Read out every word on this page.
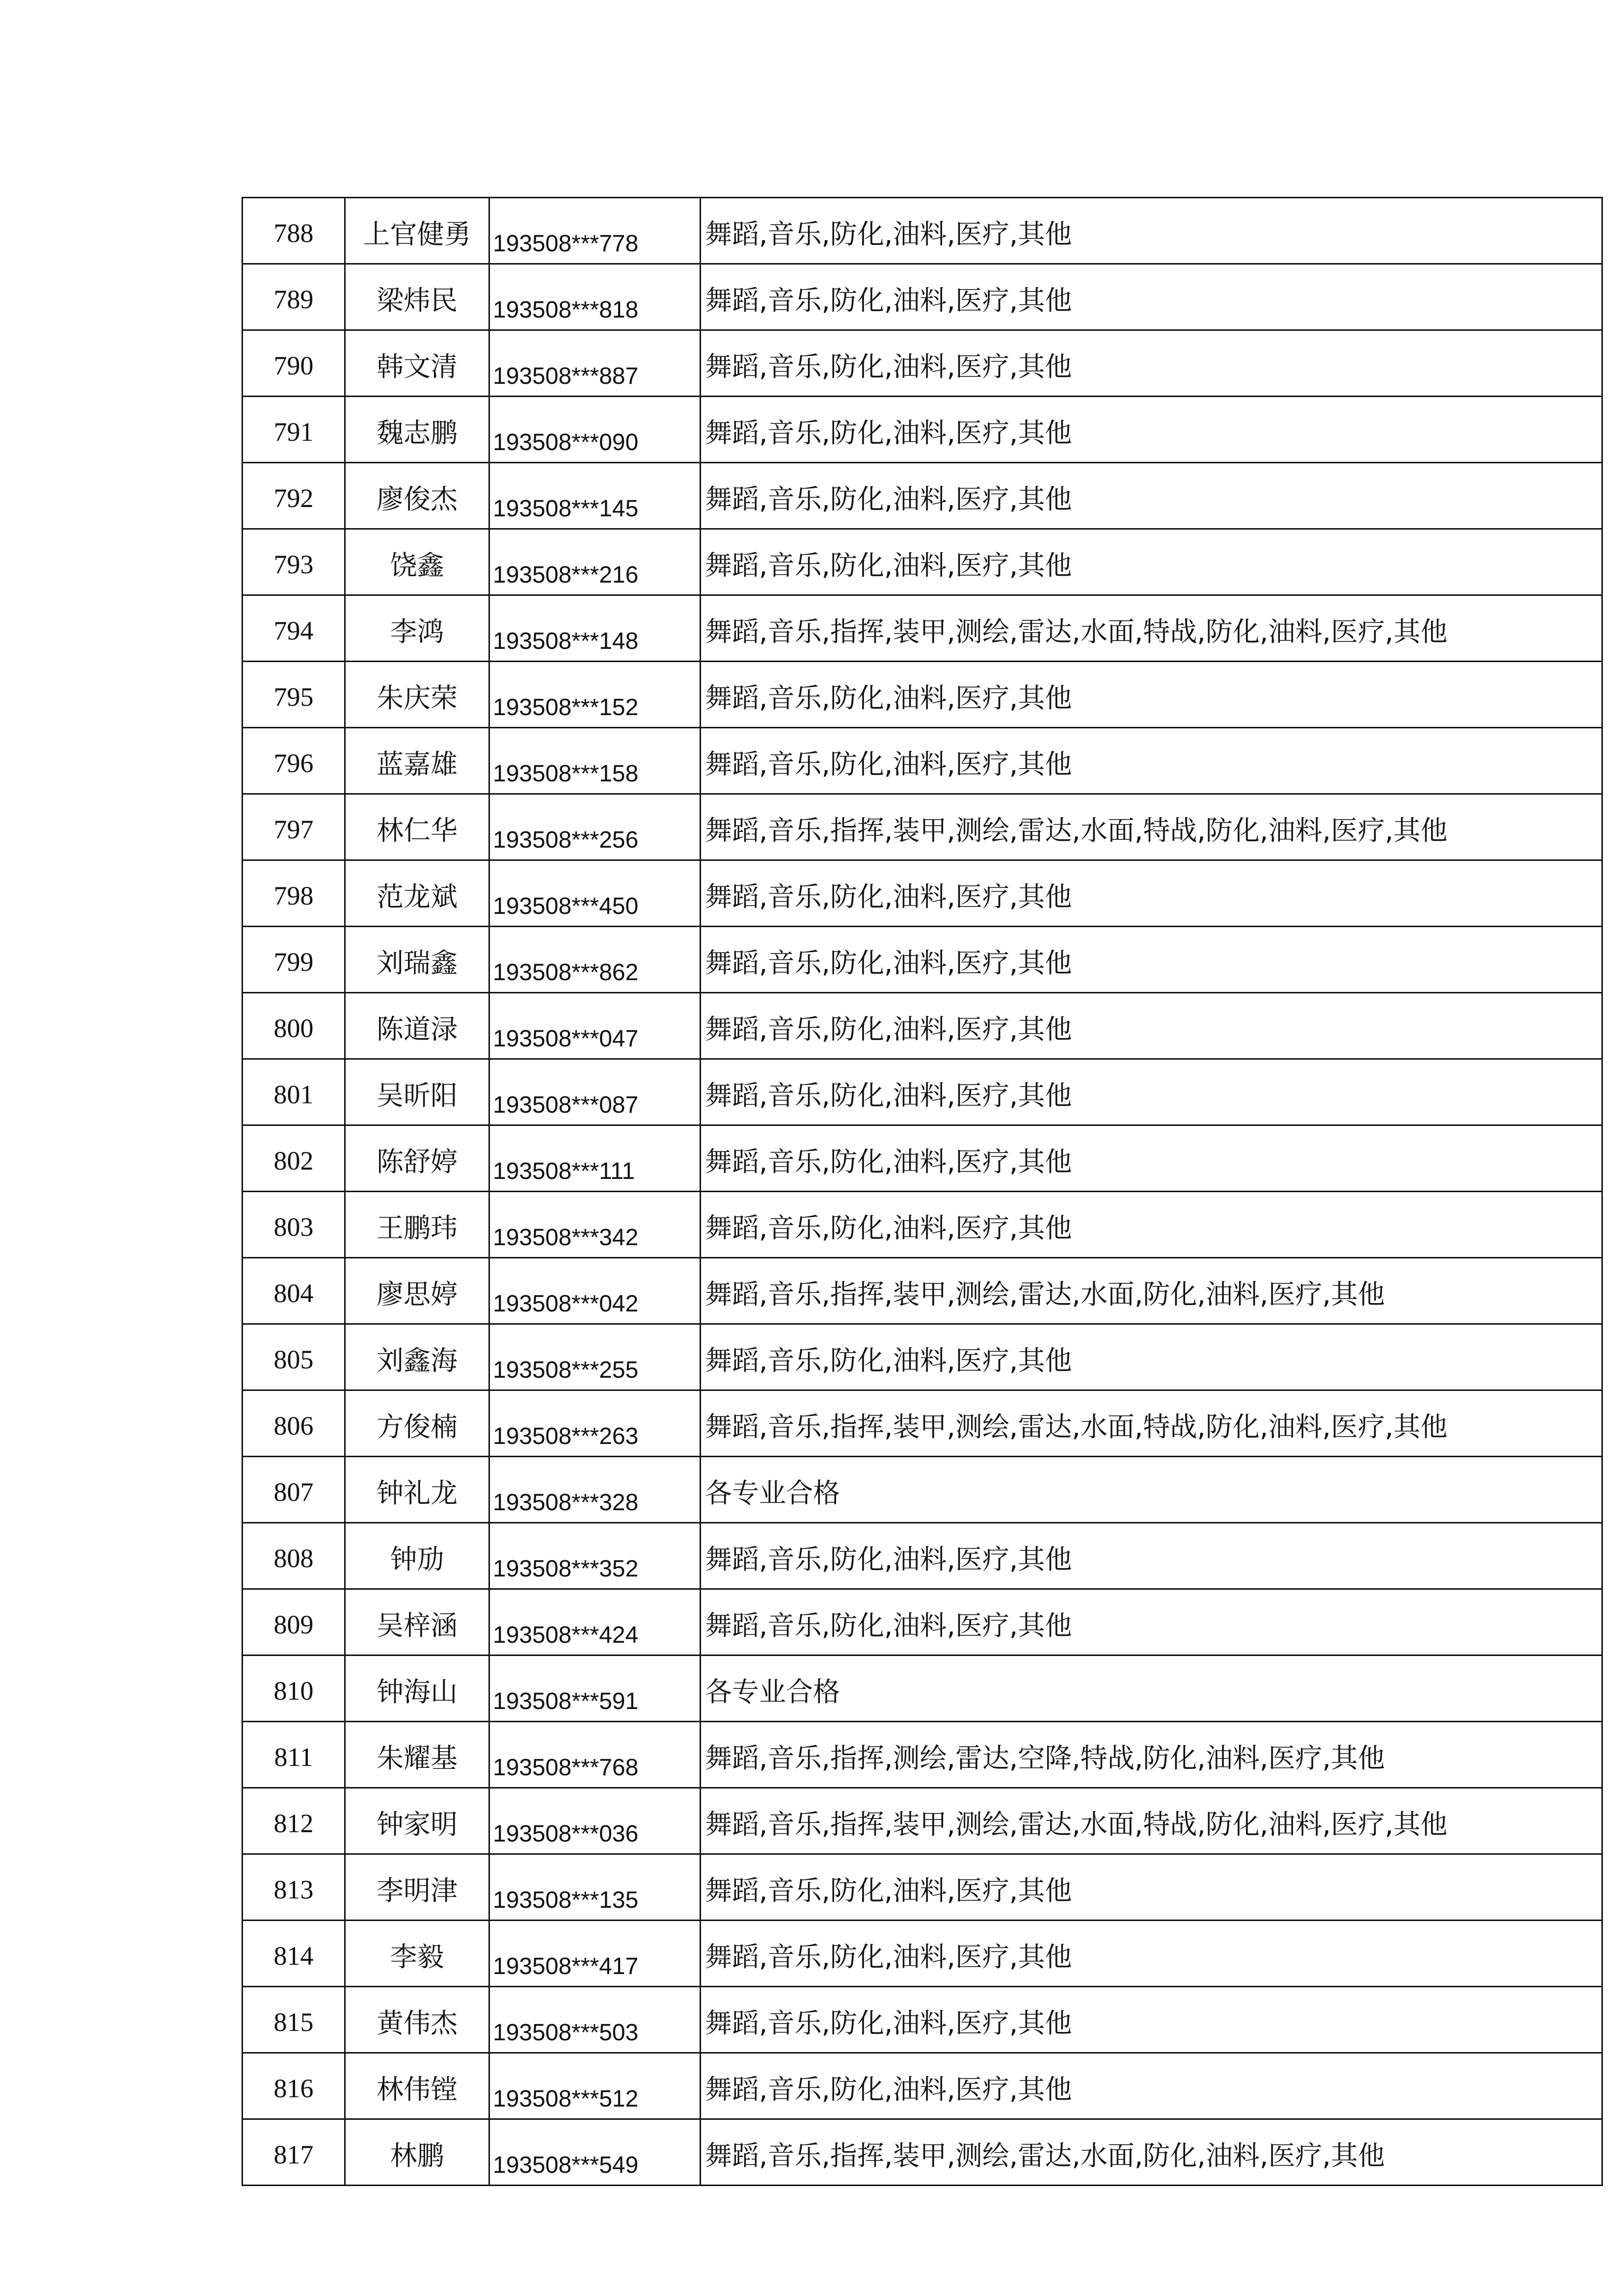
788	上官健勇	193508***778	舞蹈,音乐,防化,油料,医疗,其他
789	梁炜民	193508***818	舞蹈,音乐,防化,油料,医疗,其他
790	韩文清	193508***887	舞蹈,音乐,防化,油料,医疗,其他
791	魏志鹏	193508***090	舞蹈,音乐,防化,油料,医疗,其他
792	廖俊杰	193508***145	舞蹈,音乐,防化,油料,医疗,其他
793	饶鑫	193508***216	舞蹈,音乐,防化,油料,医疗,其他
794	李鸿	193508***148	舞蹈,音乐,指挥,装甲,测绘,雷达,水面,特战,防化,油料,医疗,其他
795	朱庆荣	193508***152	舞蹈,音乐,防化,油料,医疗,其他
796	蓝嘉雄	193508***158	舞蹈,音乐,防化,油料,医疗,其他
797	林仁华	193508***256	舞蹈,音乐,指挥,装甲,测绘,雷达,水面,特战,防化,油料,医疗,其他
798	范龙斌	193508***450	舞蹈,音乐,防化,油料,医疗,其他
799	刘瑞鑫	193508***862	舞蹈,音乐,防化,油料,医疗,其他
800	陈道渌	193508***047	舞蹈,音乐,防化,油料,医疗,其他
801	吴昕阳	193508***087	舞蹈,音乐,防化,油料,医疗,其他
802	陈舒婷	193508***111	舞蹈,音乐,防化,油料,医疗,其他
803	王鹏玮	193508***342	舞蹈,音乐,防化,油料,医疗,其他
804	廖思婷	193508***042	舞蹈,音乐,指挥,装甲,测绘,雷达,水面,防化,油料,医疗,其他
805	刘鑫海	193508***255	舞蹈,音乐,防化,油料,医疗,其他
806	方俊楠	193508***263	舞蹈,音乐,指挥,装甲,测绘,雷达,水面,特战,防化,油料,医疗,其他
807	钟礼龙	193508***328	各专业合格
808	钟劢	193508***352	舞蹈,音乐,防化,油料,医疗,其他
809	吴梓涵	193508***424	舞蹈,音乐,防化,油料,医疗,其他
810	钟海山	193508***591	各专业合格
811	朱耀基	193508***768	舞蹈,音乐,指挥,测绘,雷达,空降,特战,防化,油料,医疗,其他
812	钟家明	193508***036	舞蹈,音乐,指挥,装甲,测绘,雷达,水面,特战,防化,油料,医疗,其他
813	李明津	193508***135	舞蹈,音乐,防化,油料,医疗,其他
814	李毅	193508***417	舞蹈,音乐,防化,油料,医疗,其他
815	黄伟杰	193508***503	舞蹈,音乐,防化,油料,医疗,其他
816	林伟镗	193508***512	舞蹈,音乐,防化,油料,医疗,其他
817	林鹏	193508***549	舞蹈,音乐,指挥,装甲,测绘,雷达,水面,防化,油料,医疗,其他
